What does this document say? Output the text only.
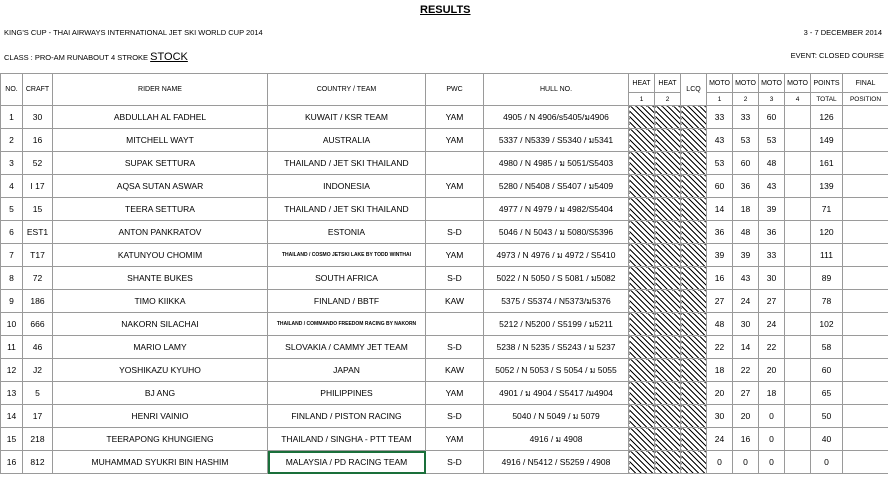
RESULTS
KING'S CUP - THAI AIRWAYS INTERNATIONAL JET SKI WORLD CUP 2014	3 - 7 DECEMBER 2014
CLASS : PRO-AM RUNABOUT 4 STROKE STOCK	EVENT: CLOSED COURSE
NO.	CRAFT	RIDER NAME	COUNTRY / TEAM	PWC	HULL NO.	HEAT	HEAT	LCQ	MOTO	MOTO	MOTO	MOTO	POINTS	FINAL
						1	2		1	2	3	4	TOTAL	POSITION
1	30	ABDULLAH AL FADHEL	KUWAIT / KSR TEAM	YAM	4905 / N 4906/s5405/ม4906				33	33	60		126	
2	16	MITCHELL WAYT	AUSTRALIA	YAM	5337 / N5339 / S5340 / ม5341				43	53	53		149	
3	52	SUPAK SETTURA	THAILAND / JET SKI THAILAND		4980 / N 4985 / ม 5051/S5403				53	60	48		161	
4	I 17	AQSA SUTAN ASWAR	INDONESIA	YAM	5280 / N5408 / S5407 / ม5409				60	36	43		139	
5	15	TEERA SETTURA	THAILAND / JET SKI THAILAND		4977 / N 4979 / ม 4982/S5404				14	18	39		71	
6	EST1	ANTON PANKRATOV	ESTONIA	S-D	5046 / N 5043 / ม 5080/S5396				36	48	36		120	
7	T17	KATUNYOU CHOMIM	THAILAND / COSMO JETSKI LAKE BY TODD WINTHAI	YAM	4973 / N 4976 / ม 4972 / S5410				39	39	33		111	
8	72	SHANTE BUKES	SOUTH AFRICA	S-D	5022 / N 5050 / S 5081 / ม5082				16	43	30		89	
9	186	TIMO KIIKKA	FINLAND / BBTF	KAW	5375 / S5374 / N5373/ม5376				27	24	27		78	
10	666	NAKORN SILACHAI	THAILAND / COMMANDO FREEDOM RACING BY NAKORN		5212 / N5200 / S5199 / ม5211				48	30	24		102	
11	46	MARIO LAMY	SLOVAKIA / CAMMY JET TEAM	S-D	5238 / N 5235 / S5243 / ม 5237				22	14	22		58	
12	J2	YOSHIKAZU KYUHO	JAPAN	KAW	5052 / N 5053 / S 5054 / ม 5055				18	22	20		60	
13	5	BJ ANG	PHILIPPINES	YAM	4901 / ม 4904 / S5417 /ม4904				20	27	18		65	
14	17	HENRI VAINIO	FINLAND / PISTON RACING	S-D	5040 / N 5049 / ม 5079				30	20	0		50	
15	218	TEERAPONG KHUNGIENG	THAILAND / SINGHA - PTT TEAM	YAM	4916 / ม 4908				24	16	0		40	
16	812	MUHAMMAD SYUKRI BIN HASHIM	MALAYSIA / PD RACING TEAM	S-D	4916 / N5412 / S5259 / 4908				0	0	0		0	
